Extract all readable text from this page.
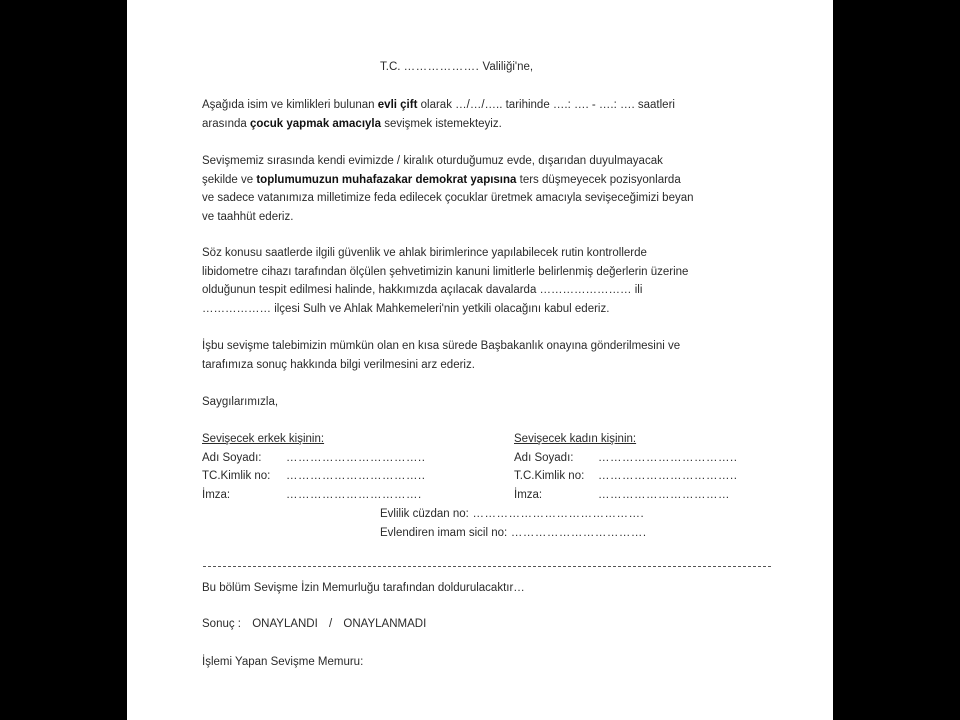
T.C. ………………. Valiliği'ne,
Aşağıda isim ve kimlikleri bulunan evli çift olarak …/…/….. tarihinde ….: …. - ….: …. saatleri
arasında çocuk yapmak amacıyla sevişmek istemekteyiz.
Sevişmemiz sırasında kendi evimizde / kiralık oturduğumuz evde, dışarıdan duyulmayacak
şekilde ve toplumumuzun muhafazakar demokrat yapısına ters düşmeyecek pozisyonlarda
ve sadece vatanımıza milletimize feda edilecek çocuklar üretmek amacıyla sevişeceğimizi beyan
ve taahhüt ederiz.
Söz konusu saatlerde ilgili güvenlik ve ahlak birimlerince yapılabilecek rutin kontrollerde
libidometre cihazı tarafından ölçülen şehvetimizin kanuni limitlerle belirlenmiş değerlerin üzerine
olduğunun tespit edilmesi halinde, hakkımızda açılacak davalarda …………………… ili
……………… ilçesi Sulh ve Ahlak Mahkemeleri'nin yetkili olacağını kabul ederiz.
İşbu sevişme talebimizin mümkün olan en kısa sürede Başbakanlık onayına gönderilmesini ve
tarafımıza sonuç hakkında bilgi verilmesini arz ederiz.
Saygılarımızla,
Sevişecek erkek kişinin:
Adı Soyadı: ……………………………..
TC.Kimlik no: ……………………………..
İmza:	…………………………….
Sevişecek kadın kişinin:
Adı Soyadı: ……………………………..
T.C.Kimlik no: ……………………………..
İmza:	……………………………
Evlilik cüzdan no: …………………………………….
Evlendiren imam sicil no: …………………………….
Bu bölüm Sevişme İzin Memurluğu tarafından doldurulacaktır…
Sonuç : ONAYLANDI / ONAYLANMADI
İşlemi Yapan Sevişme Memuru:
